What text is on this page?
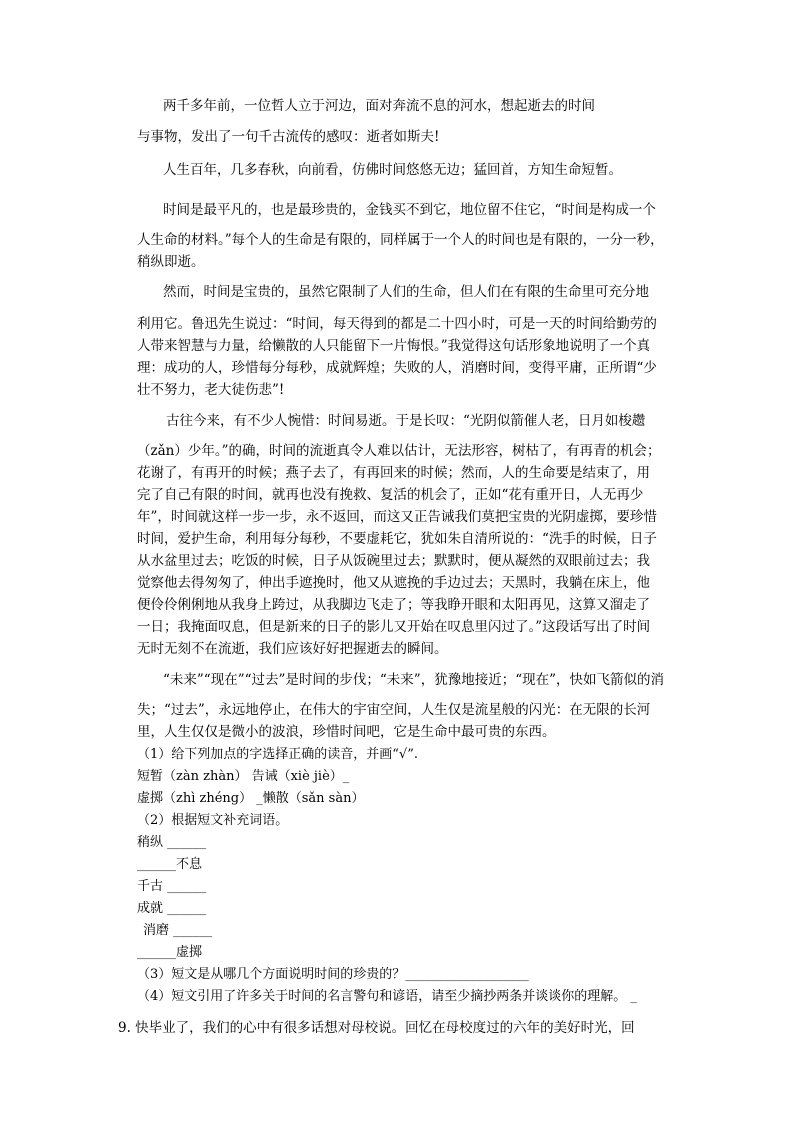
两千多年前，一位哲人立于河边，面对奔流不息的河水，想起逝去的时间
与事物，发出了一句千古流传的感叹：逝者如斯夫!
人生百年，几多春秋，向前看，仿佛时间悠悠无边；猛回首，方知生命短暂。
时间是最平凡的，也是最珍贵的，金钱买不到它，地位留不住它，“时间是构成一个
人生命的材料。”每个人的生命是有限的，同样属于一个人的时间也是有限的，一分一秒，
稍纵即逝。
然而，时间是宝贵的，虽然它限制了人们的生命，但人们在有限的生命里可充分地
利用它。鲁迅先生说过：“时间，每天得到的都是二十四小时，可是一天的时间给勤劳的
人带来智慧与力量，给懒散的人只能留下一片悔恨。”我觉得这句话形象地说明了一个真
理：成功的人，珍惜每分每秒，成就辉煌；失败的人，消磨时间，变得平庸，正所谓“少
壮不努力，老大徒伤悲”!
古往今来，有不少人惋惜：时间易逝。于是长叹：“光阴似箭催人老，日月如梭趱
（zǎn）少年。”的确，时间的流逝真令人难以估计，无法形容，树枯了，有再青的机会；
花谢了，有再开的时候；燕子去了，有再回来的时候；然而，人的生命要是结束了，用
完了自己有限的时间，就再也没有挽救、复活的机会了，正如“花有重开日，人无再少
年”，时间就这样一步一步，永不返回，而这又正告诫我们莫把宝贵的光阴虚掷，要珍惜
时间，爱护生命，利用每分每秒，不要虚耗它，犹如朱自清所说的：“洗手的时候，日子
从水盆里过去；吃饭的时候，日子从饭碗里过去；默默时，便从凝然的双眼前过去；我
觉察他去得匆匆了，伸出手遮挽时，他又从遮挽的手边过去；天黑时，我躺在床上，他
便伶伶俐俐地从我身上跨过，从我脚边飞走了；等我睁开眼和太阳再见，这算又溜走了
一日；我掩面叹息，但是新来的日子的影儿又开始在叹息里闪过了。”这段话写出了时间
无时无刻不在流逝，我们应该好好把握逝去的瞬间。
“未来”“现在”“过去”是时间的步伐；“未来”，犹豫地接近；“现在”，快如飞箭似的消
失；“过去”，永远地停止，在伟大的宇宙空间，人生仅是流星般的闪光：在无限的长河
里，人生仅仅是微小的波浪，珍惜时间吧，它是生命中最可贵的东西。
（1）给下列加点的字选择正确的读音，并画“√”.
短暂（zàn zhàn） 告诫（xiè jiè）_
虚掷（zhì zhéng） _懒散（sǎn sàn）
（2）根据短文补充词语。
稍纵 ______
______不息
千古 ______
成就 ______
消磨 ______
______虚掷
（3）短文是从哪几个方面说明时间的珍贵的？___________________
（4）短文引用了许多关于时间的名言警句和谚语，请至少摘抄两条并谈谈你的理解。 _
9. 快毕业了，我们的心中有很多话想对母校说。回忆在母校度过的六年的美好时光，回
